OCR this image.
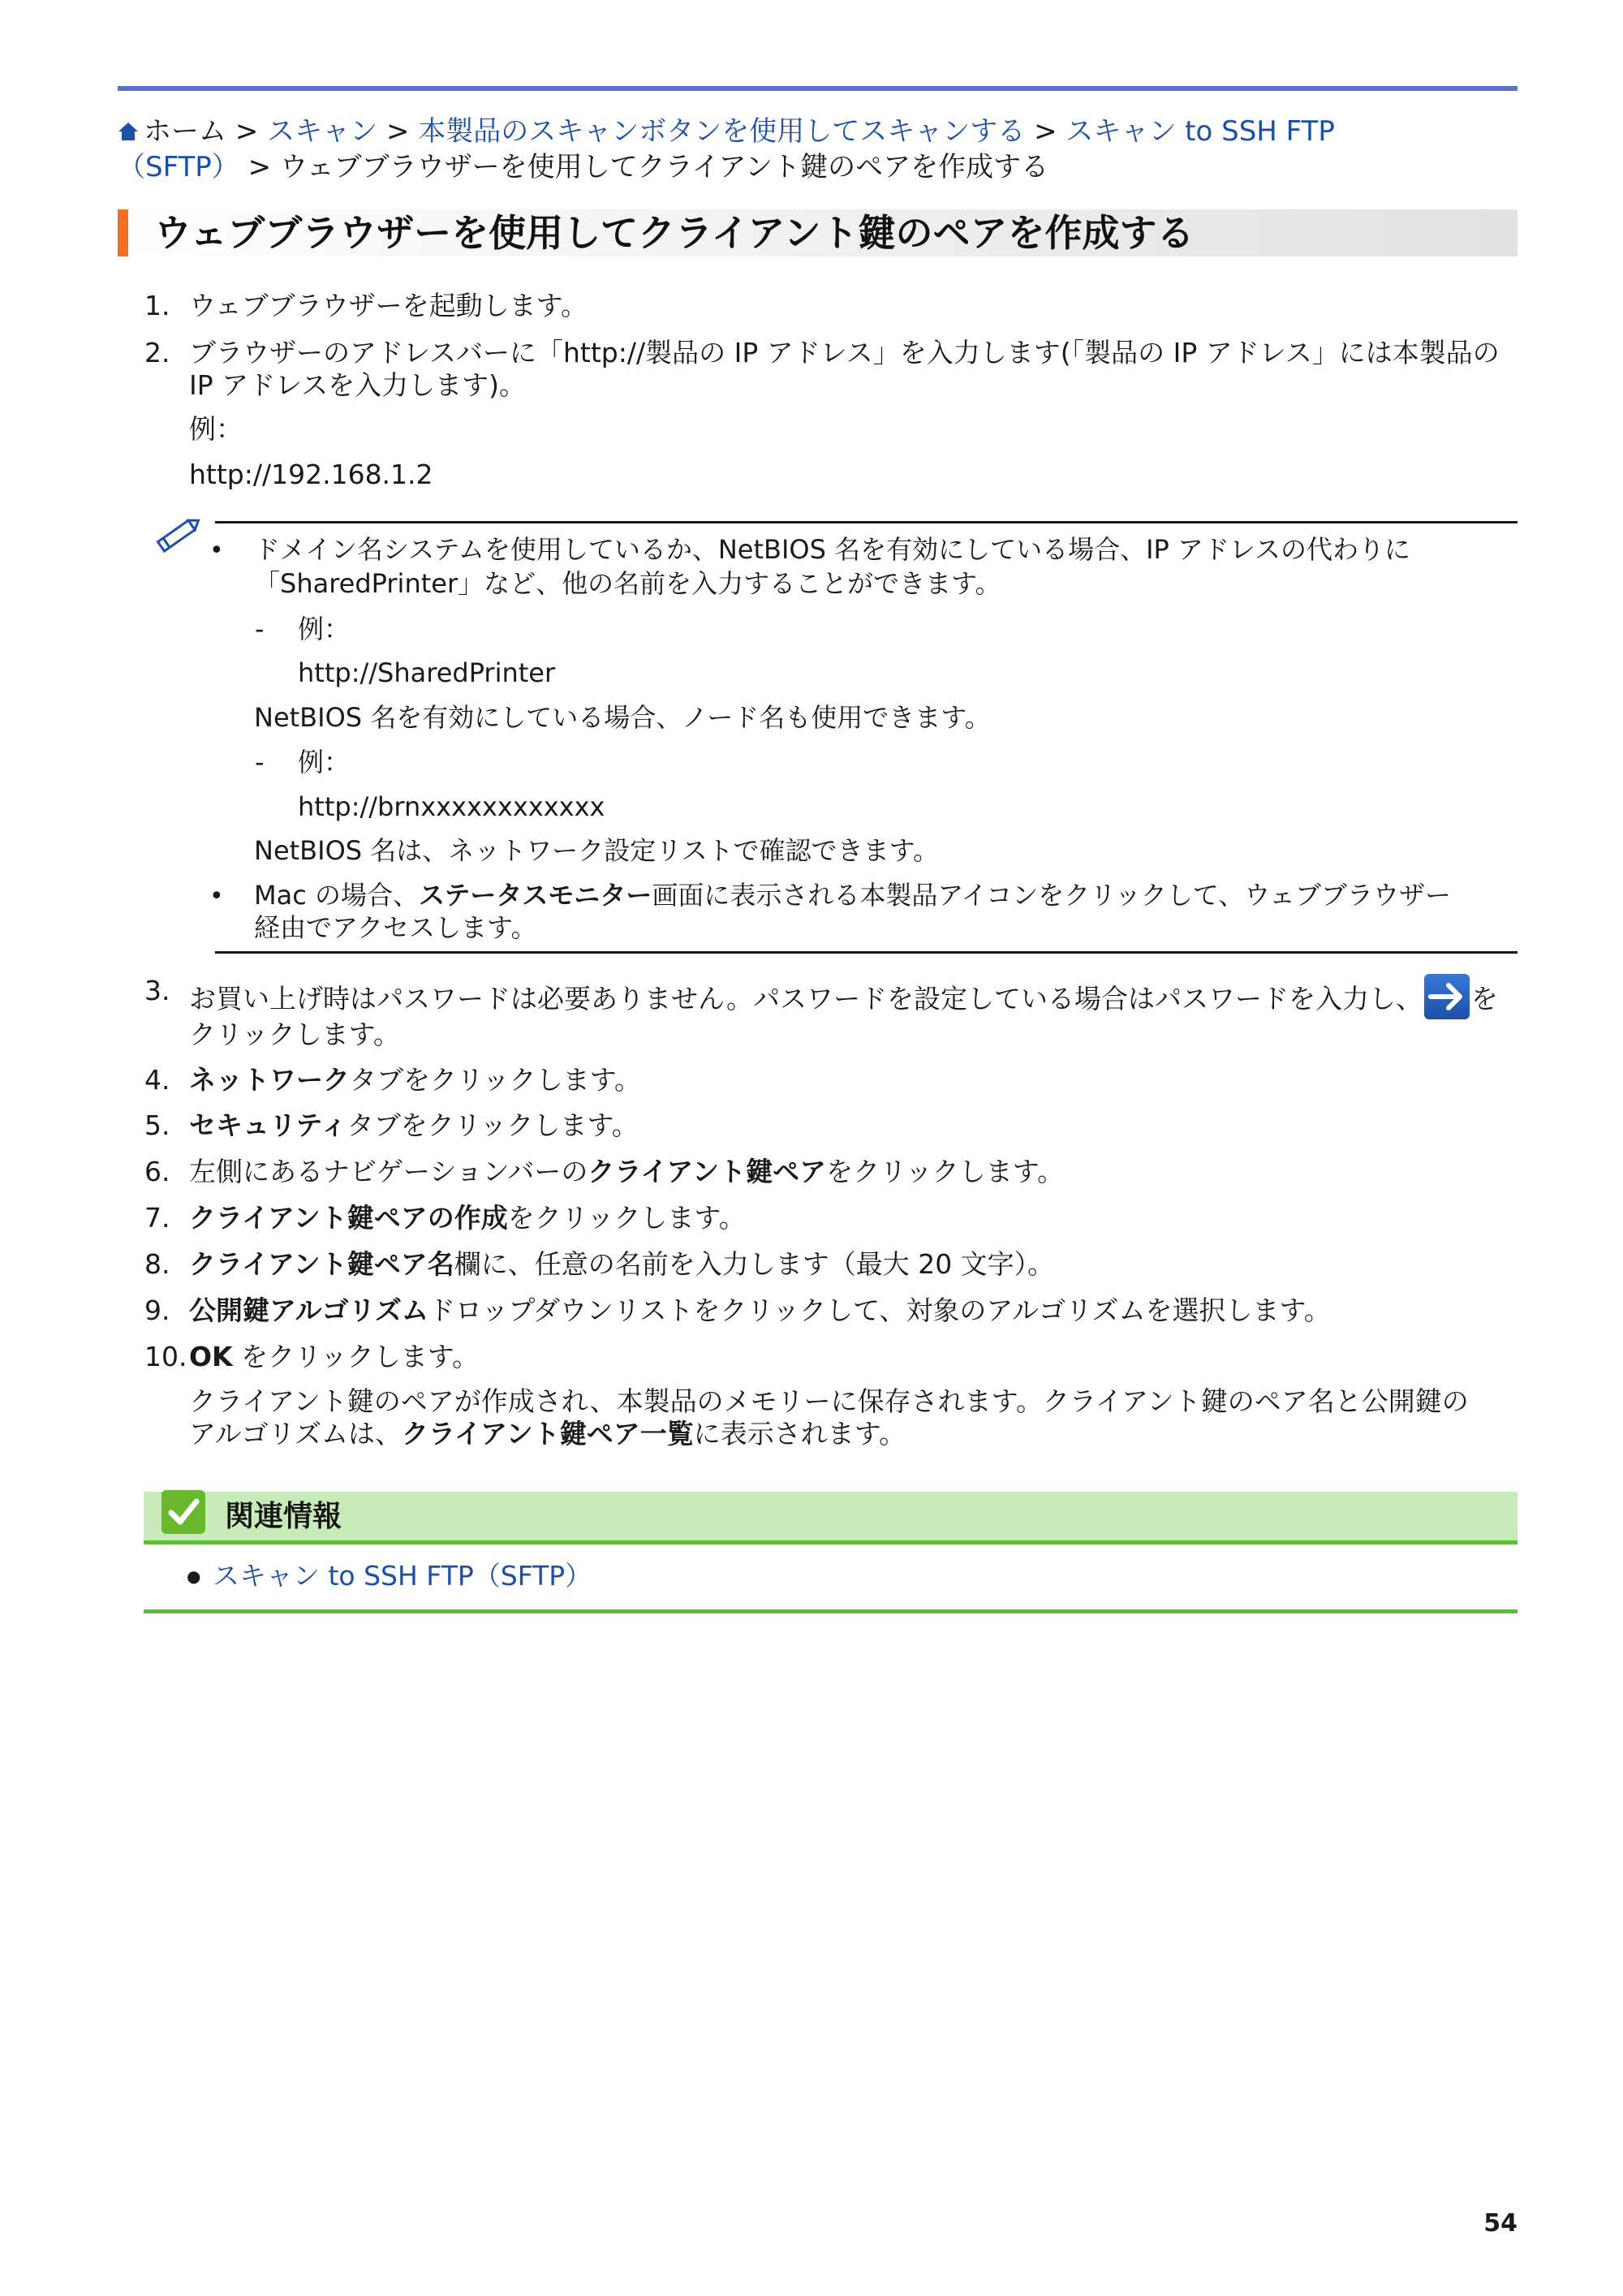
ホーム > スキャン > 本製品のスキャンボタンを使用してスキャンする > スキャン to SSH FTP
（SFTP） > ウェブブラウザーを使用してクライアント鍵のペアを作成する
ウェブブラウザーを使用してクライアント鍵のペアを作成する
1. ウェブブラウザーを起動します。
2. ブラウザーのアドレスバーに「http://製品の IP アドレス」を入力します(「製品の IP アドレス」には本製品の
IP アドレスを入力します)。
例：
http://192.168.1.2
• ドメイン名システムを使用しているか、NetBIOS 名を有効にしている場合、IP アドレスの代わりに
「SharedPrinter」など、他の名前を入力することができます。
- 例：
http://SharedPrinter
NetBIOS 名を有効にしている場合、ノード名も使用できます。
- 例：
http://brnxxxxxxxxxxxx
NetBIOS 名は、ネットワーク設定リストで確認できます。
• Mac の場合、ステータスモニター画面に表示される本製品アイコンをクリックして、ウェブブラウザー
経由でアクセスします。
3. お買い上げ時はパスワードは必要ありません。パスワードを設定している場合はパスワードを入力し、 を
クリックします。
4. ネットワークタブをクリックします。
5. セキュリティタブをクリックします。
6. 左側にあるナビゲーションバーのクライアント鍵ペアをクリックします。
7. クライアント鍵ペアの作成をクリックします。
8. クライアント鍵ペア名欄に、任意の名前を入力します（最大 20 文字）。
9. 公開鍵アルゴリズムドロップダウンリストをクリックして、対象のアルゴリズムを選択します。
10. OK をクリックします。
クライアント鍵のペアが作成され、本製品のメモリーに保存されます。クライアント鍵のペア名と公開鍵の
アルゴリズムは、クライアント鍵ペア一覧に表示されます。
関連情報
● スキャン to SSH FTP（SFTP）
54
